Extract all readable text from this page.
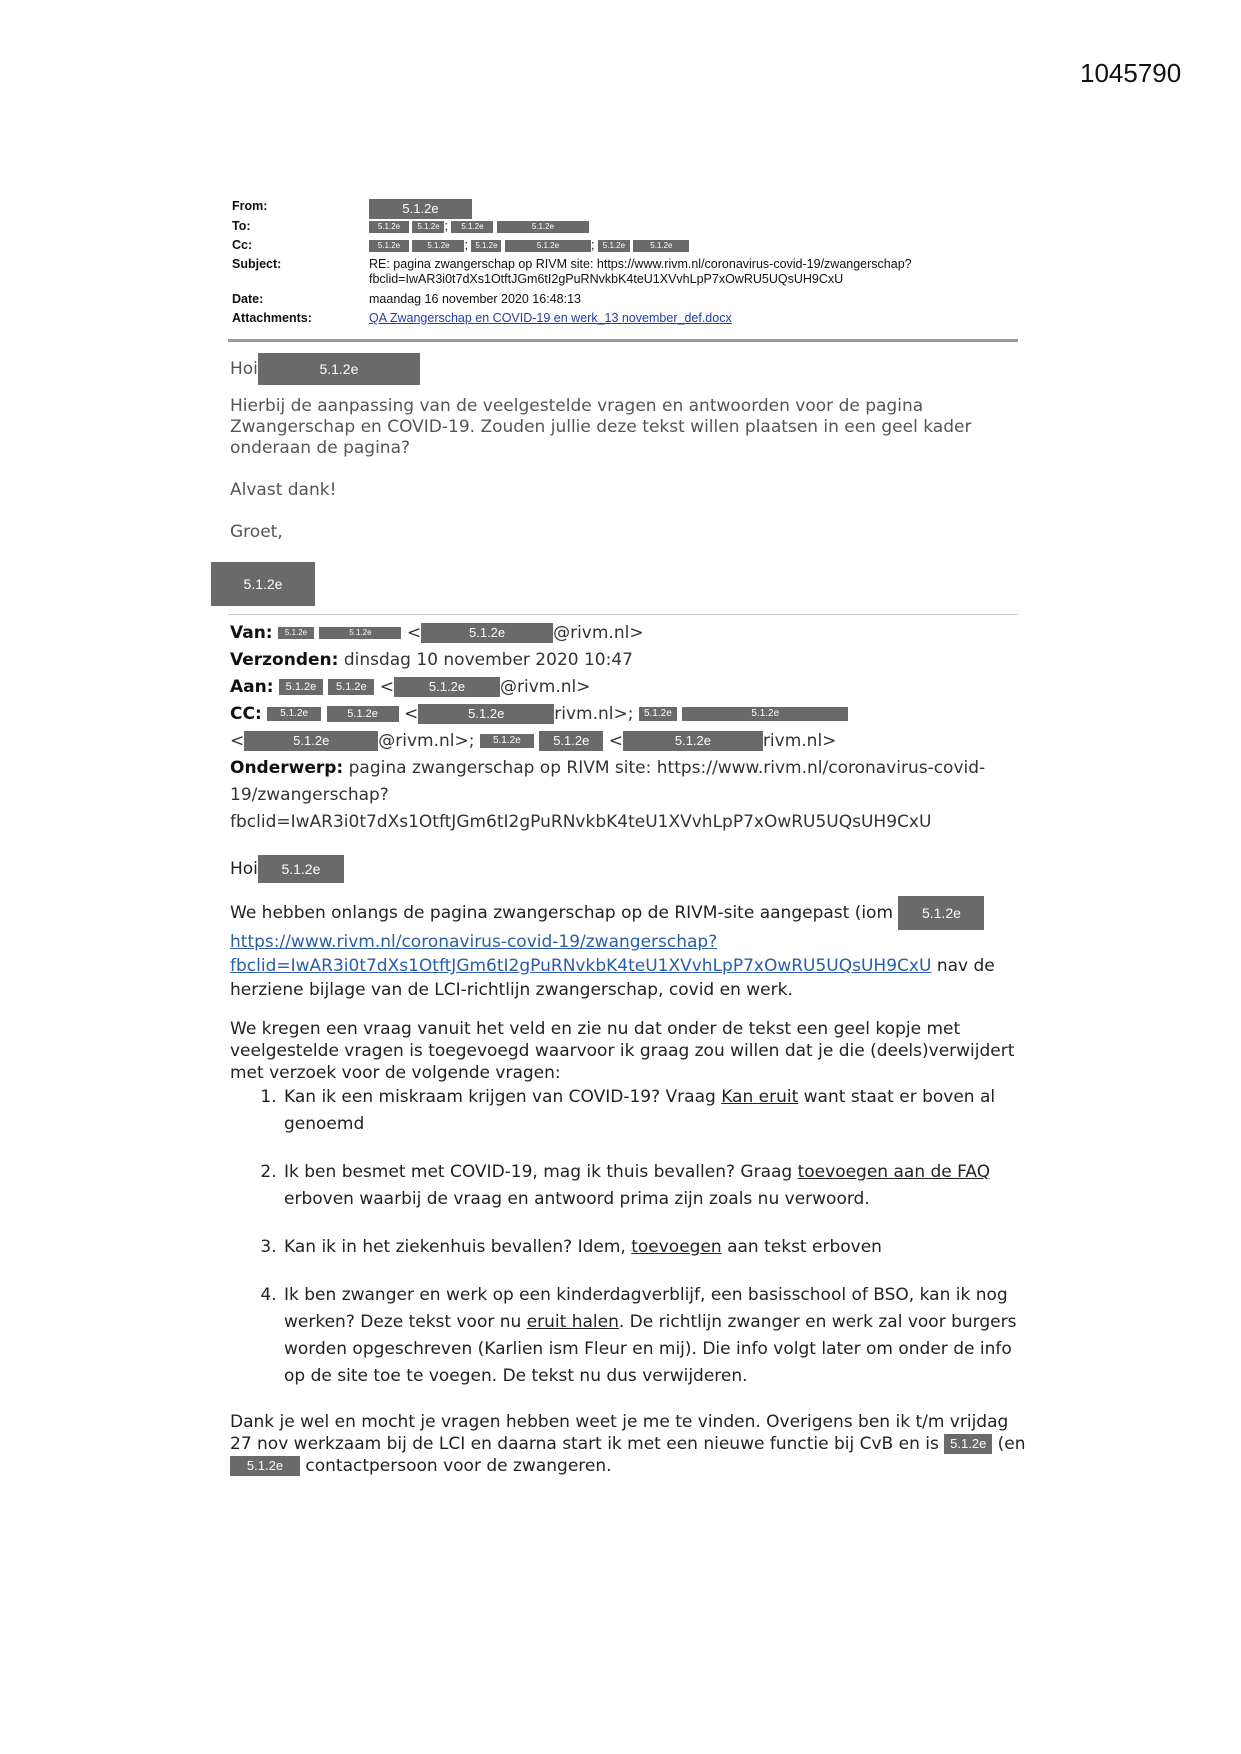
1045790
From:	5.1.2e
To:	5.1.2e 5.1.2e ; 5.1.2e	5.1.2e
Cc:	5.1.2e	5.1.2e ; 5.1.2e	5.1.2e	; 5.1.2e	5.1.2e
Subject:	RE: pagina zwangerschap op RIVM site: https://www.rivm.nl/coronavirus-covid-19/zwangerschap?
fbclid=IwAR3i0t7dXs1OtftJGm6tI2gPuRNvkbK4teU1XVvhLpP7xOwRU5UQsUH9CxU
Date:	maandag 16 november 2020 16:48:13
Attachments:	QA Zwangerschap en COVID-19 en werk_13 november_def.docx

Hoi	5.1.2e

Hierbij de aanpassing van de veelgestelde vragen en antwoorden voor de pagina Zwangerschap en COVID-19. Zouden jullie deze tekst willen plaatsen in een geel kader onderaan de pagina?

Alvast dank!

Groet,

5.1.2e
Van: 5.1.2e	5.1.2e <	5.1.2e	@rivm.nl>
Verzonden: dinsdag 10 november 2020 10:47
Aan: 5.1.2e 5.1.2e <	5.1.2e @rivm.nl>
CC: 5.1.2e	5.1.2e <	5.1.2e	rivm.nl>; 5.1.2e	5.1.2e
<	5.1.2e	@rivm.nl>; 5.1.2e 5.1.2e <	5.1.2e	rivm.nl>
Onderwerp: pagina zwangerschap op RIVM site: https://www.rivm.nl/coronavirus-covid-
19/zwangerschap?
fbclid=IwAR3i0t7dXs1OtftJGm6tI2gPuRNvkbK4teU1XVvhLpP7xOwRU5UQsUH9CxU
Hoi 5.1.2e
We hebben onlangs de pagina zwangerschap op de RIVM-site aangepast (iom 5.1.2e
https://www.rivm.nl/coronavirus-covid-19/zwangerschap?
fbclid=IwAR3i0t7dXs1OtftJGm6tI2gPuRNvkbK4teU1XVvhLpP7xOwRU5UQsUH9CxU nav de
herziene bijlage van de LCI-richtlijn zwangerschap, covid en werk.
We kregen een vraag vanuit het veld en zie nu dat onder de tekst een geel kopje met veelgestelde vragen is toegevoegd waarvoor ik graag zou willen dat je die (deels)verwijdert met verzoek voor de volgende vragen:
1. Kan ik een miskraam krijgen van COVID-19? Vraag Kan eruit want staat er boven al genoemd
2. Ik ben besmet met COVID-19, mag ik thuis bevallen? Graag toevoegen aan de FAQ erboven waarbij de vraag en antwoord prima zijn zoals nu verwoord.
3. Kan ik in het ziekenhuis bevallen? Idem, toevoegen aan tekst erboven
4. Ik ben zwanger en werk op een kinderdagverblijf, een basisschool of BSO, kan ik nog werken? Deze tekst voor nu eruit halen. De richtlijn zwanger en werk zal voor burgers worden opgeschreven (Karlien ism Fleur en mij). Die info volgt later om onder de info op de site toe te voegen. De tekst nu dus verwijderen.
Dank je wel en mocht je vragen hebben weet je me te vinden. Overigens ben ik t/m vrijdag 27 nov werkzaam bij de LCI en daarna start ik met een nieuwe functie bij CvB en is 5.1.2e (en 5.1.2e contactpersoon voor de zwangeren.
